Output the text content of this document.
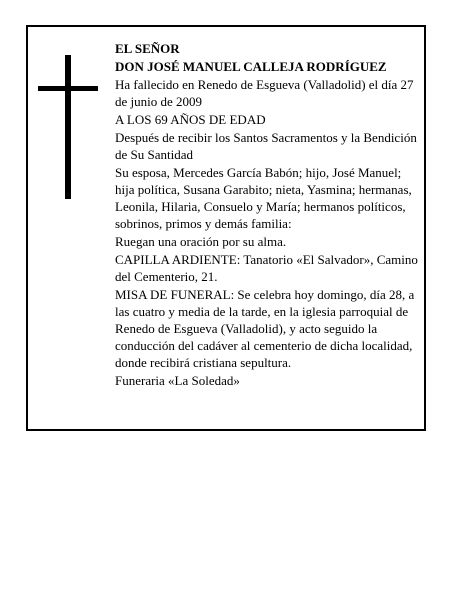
EL SEÑOR
DON JOSÉ MANUEL CALLEJA RODRÍGUEZ
Ha fallecido en Renedo de Esgueva (Valladolid) el día 27 de junio de 2009
A LOS 69 AÑOS DE EDAD
Después de recibir los Santos Sacramentos y la Bendición de Su Santidad
Su esposa, Mercedes García Babón; hijo, José Manuel; hija política, Susana Garabito; nieta, Yasmina; hermanas, Leonila, Hilaria, Consuelo y María; hermanos políticos, sobrinos, primos y demás familia:
Ruegan una oración por su alma.
CAPILLA ARDIENTE: Tanatorio «El Salvador», Camino del Cementerio, 21.
MISA DE FUNERAL: Se celebra hoy domingo, día 28, a las cuatro y media de la tarde, en la iglesia parroquial de Renedo de Esgueva (Valladolid), y acto seguido la conducción del cadáver al cementerio de dicha localidad, donde recibirá cristiana sepultura.
Funeraria «La Soledad»
